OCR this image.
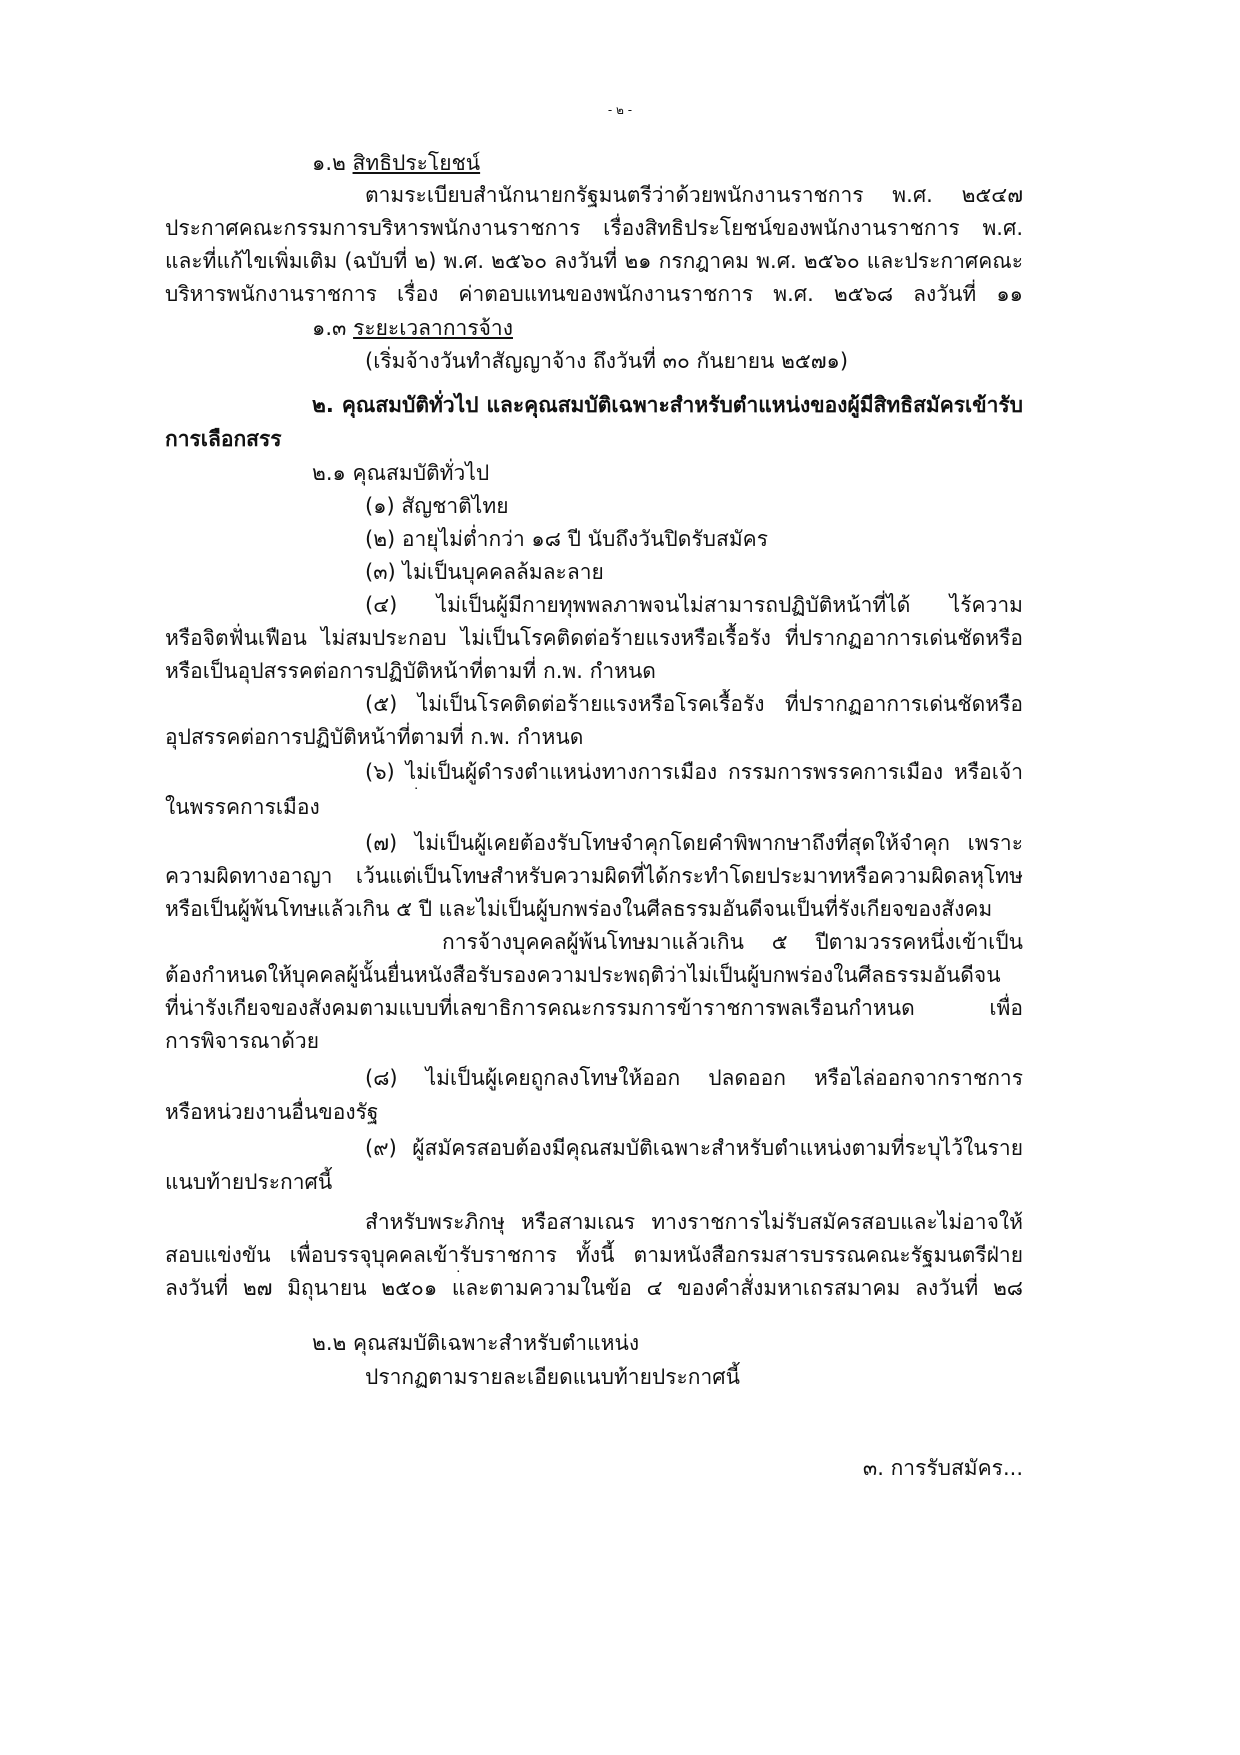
- ๒ -
๑.๒ สิทธิประโยชน์
ตามระเบียบสำนักนายกรัฐมนตรีว่าด้วยพนักงานราชการ พ.ศ. ๒๕๔๗
ประกาศคณะกรรมการบริหารพนักงานราชการ เรื่องสิทธิประโยชน์ของพนักงานราชการ พ.ศ.
และที่แก้ไขเพิ่มเติม (ฉบับที่ ๒) พ.ศ. ๒๕๖๐ ลงวันที่ ๒๑ กรกฎาคม พ.ศ. ๒๕๖๐ และประกาศคณะ
บริหารพนักงานราชการ เรื่อง ค่าตอบแทนของพนักงานราชการ พ.ศ. ๒๕๖๘ ลงวันที่ ๑๑
๑.๓ ระยะเวลาการจ้าง
(เริ่มจ้างวันทำสัญญาจ้าง ถึงวันที่ ๓๐ กันยายน ๒๕๗๑)
๒. คุณสมบัติทั่วไป และคุณสมบัติเฉพาะสำหรับตำแหน่งของผู้มีสิทธิสมัครเข้ารับ
การเลือกสรร
๒.๑ คุณสมบัติทั่วไป
(๑) สัญชาติไทย
(๒) อายุไม่ต่ำกว่า ๑๘ ปี นับถึงวันปิดรับสมัคร
(๓) ไม่เป็นบุคคลล้มละลาย
(๔) ไม่เป็นผู้มีกายทุพพลภาพจนไม่สามารถปฏิบัติหน้าที่ได้ ไร้ความ
หรือจิตฟั่นเฟือน ไม่สมประกอบ ไม่เป็นโรคติดต่อร้ายแรงหรือเรื้อรัง ที่ปรากฏอาการเด่นชัดหรือ
หรือเป็นอุปสรรคต่อการปฏิบัติหน้าที่ตามที่ ก.พ. กำหนด
(๕) ไม่เป็นโรคติดต่อร้ายแรงหรือโรคเรื้อรัง ที่ปรากฏอาการเด่นชัดหรือ
อุปสรรคต่อการปฏิบัติหน้าที่ตามที่ ก.พ. กำหนด
(๖) ไม่เป็นผู้ดำรงตำแหน่งทางการเมือง กรรมการพรรคการเมือง หรือเจ้า
ในพรรคการเมือง
(๗) ไม่เป็นผู้เคยต้องรับโทษจำคุกโดยคำพิพากษาถึงที่สุดให้จำคุก เพราะ
ความผิดทางอาญา เว้นแต่เป็นโทษสำหรับความผิดที่ได้กระทำโดยประมาทหรือความผิดลหุโทษ
หรือเป็นผู้พ้นโทษแล้วเกิน ๕ ปี และไม่เป็นผู้บกพร่องในศีลธรรมอันดีจนเป็นที่รังเกียจของสังคม
การจ้างบุคคลผู้พ้นโทษมาแล้วเกิน ๕ ปีตามวรรคหนึ่งเข้าเป็น
ต้องกำหนดให้บุคคลผู้นั้นยื่นหนังสือรับรองความประพฤติว่าไม่เป็นผู้บกพร่องในศีลธรรมอันดีจน
ที่น่ารังเกียจของสังคมตามแบบที่เลขาธิการคณะกรรมการข้าราชการพลเรือนกำหนด เพื่อ
การพิจารณาด้วย
(๘) ไม่เป็นผู้เคยถูกลงโทษให้ออก ปลดออก หรือไล่ออกจากราชการ
หรือหน่วยงานอื่นของรัฐ
(๙) ผู้สมัครสอบต้องมีคุณสมบัติเฉพาะสำหรับตำแหน่งตามที่ระบุไว้ในราย
แนบท้ายประกาศนี้
สำหรับพระภิกษุ หรือสามเณร ทางราชการไม่รับสมัครสอบและไม่อาจให้
สอบแข่งขัน เพื่อบรรจุบุคคลเข้ารับราชการ ทั้งนี้ ตามหนังสือกรมสารบรรณคณะรัฐมนตรีฝ่าย
ลงวันที่ ๒๗ มิถุนายน ๒๕๐๑ และตามความในข้อ ๔ ของคำสั่งมหาเถรสมาคม ลงวันที่ ๒๘
๒.๒ คุณสมบัติเฉพาะสำหรับตำแหน่ง
ปรากฏตามรายละเอียดแนบท้ายประกาศนี้
๓. การรับสมัคร...
